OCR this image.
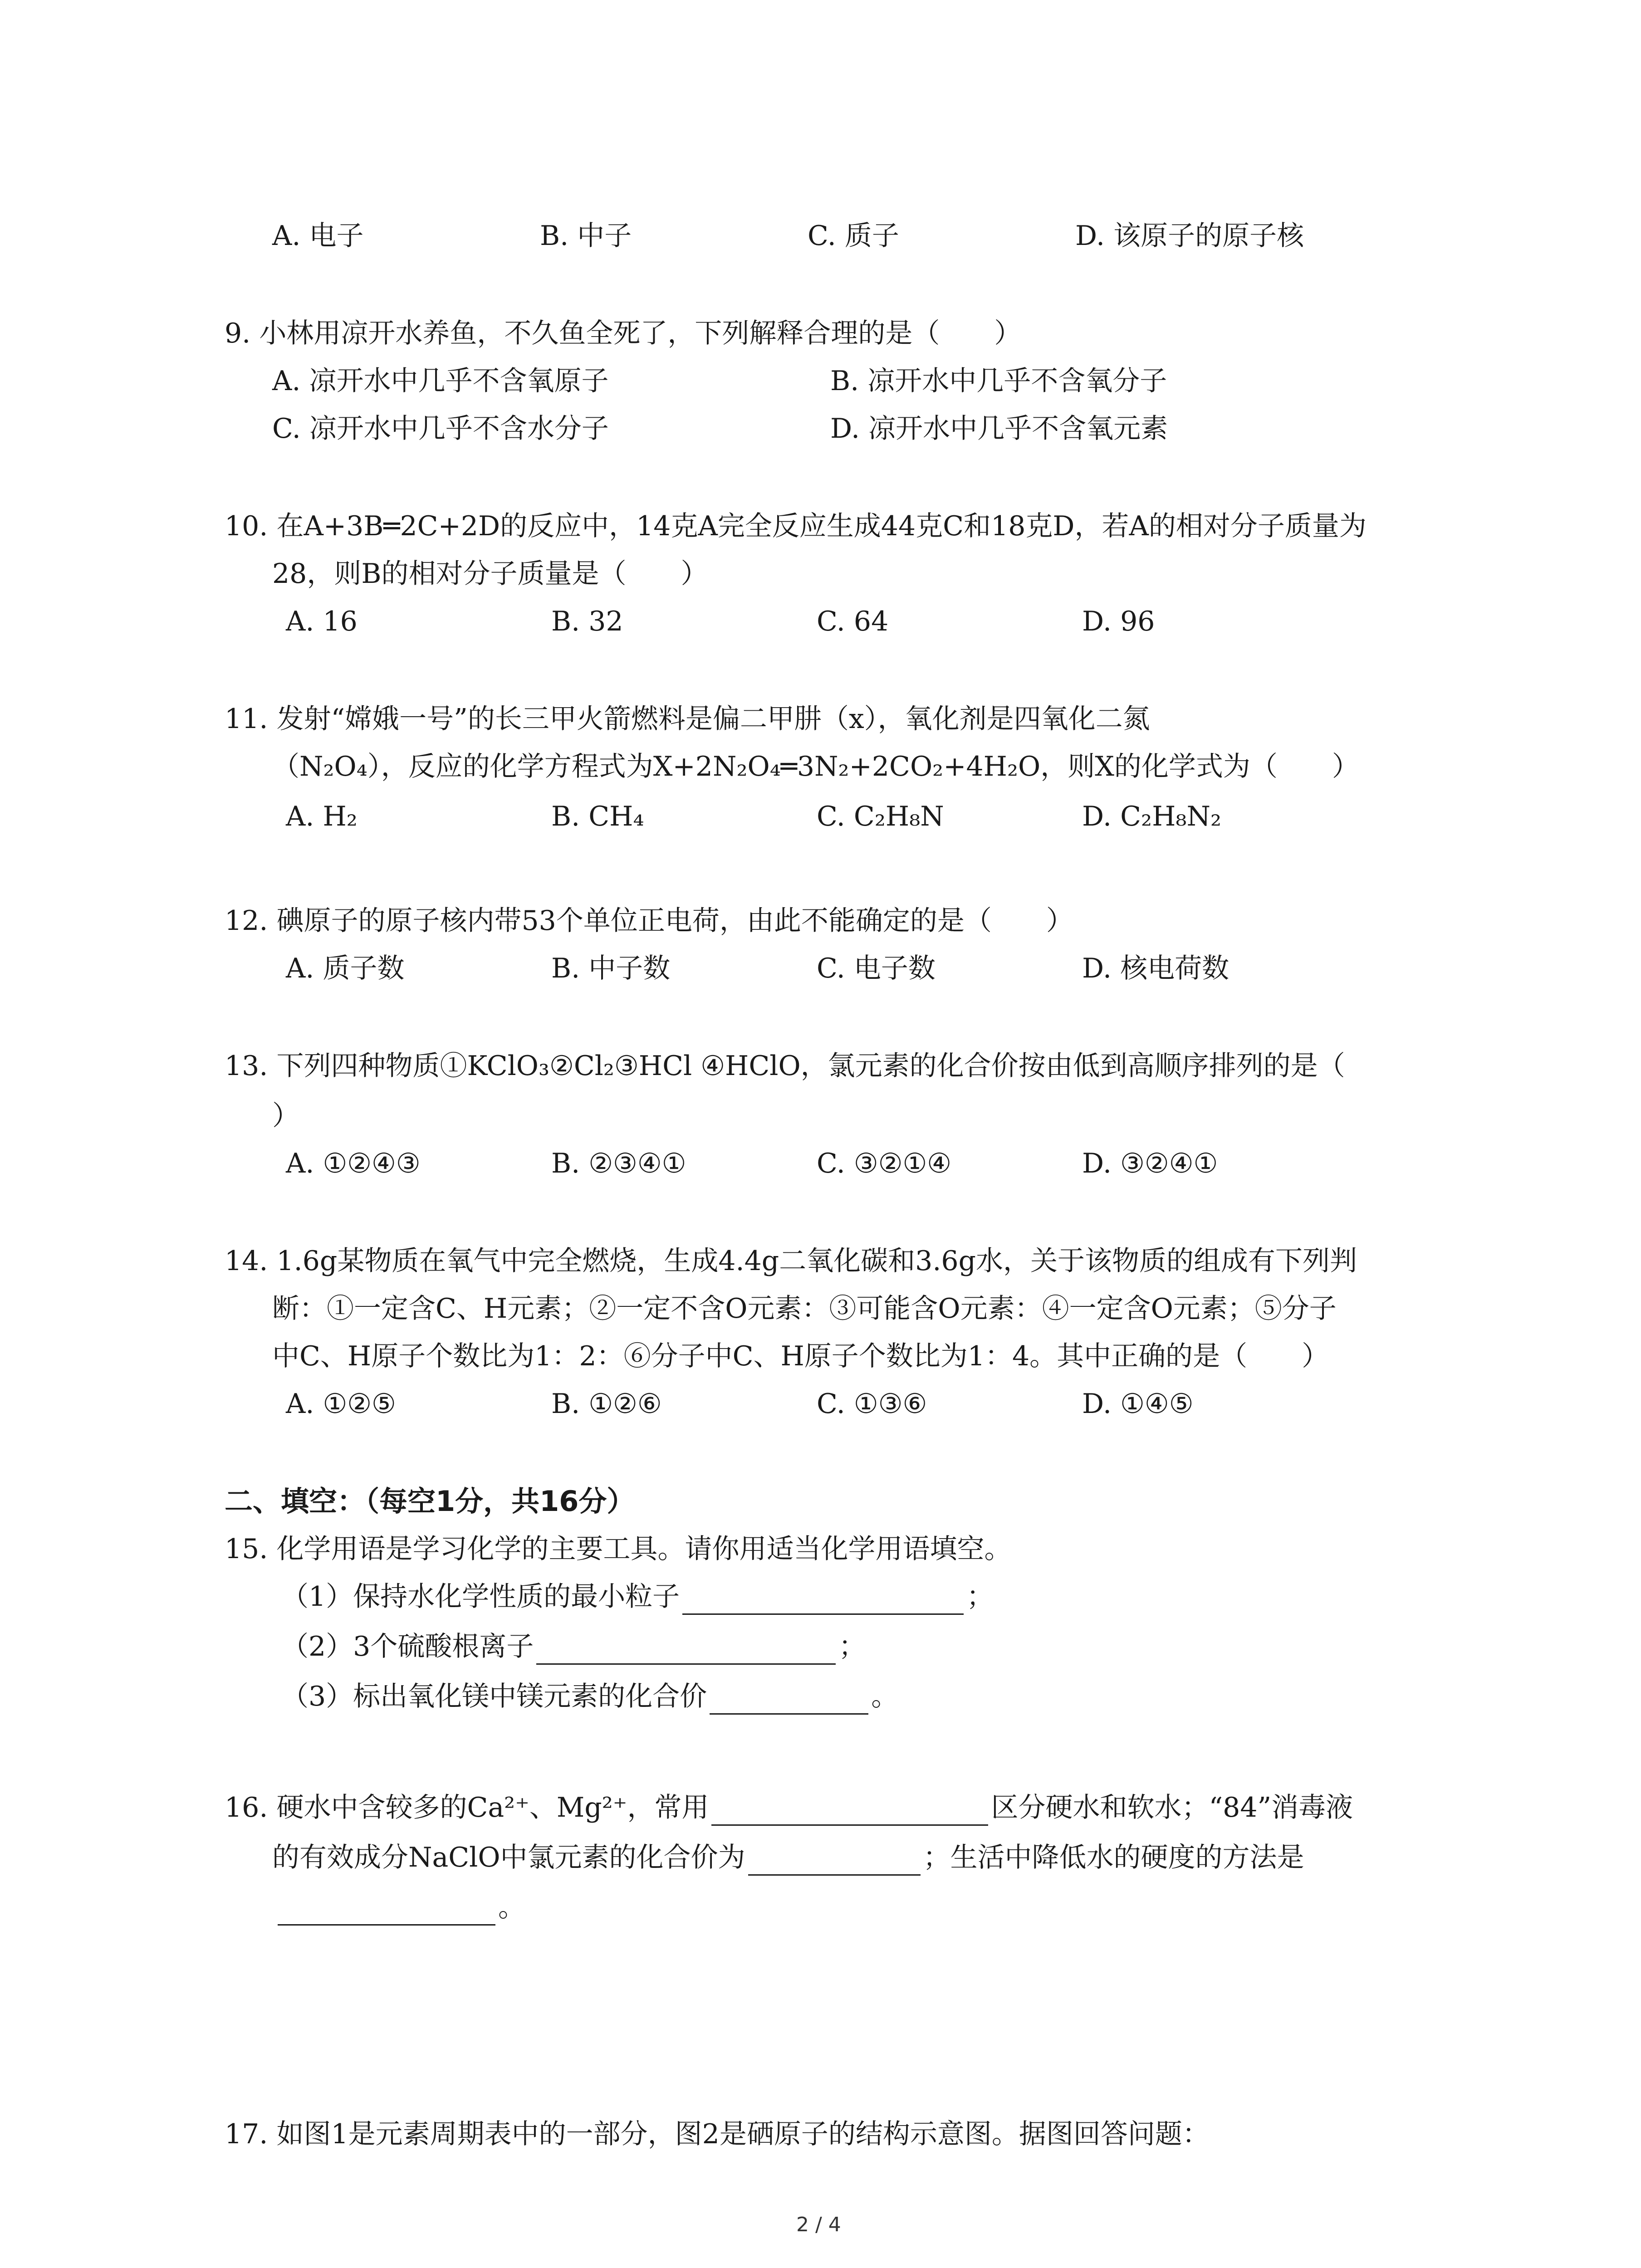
A. 电子	B. 中子	C. 质子	D. 该原子的原子核
9. 小林用凉开水养鱼，不久鱼全死了，下列解释合理的是（　　）
A. 凉开水中几乎不含氧原子	B. 凉开水中几乎不含氧分子
C. 凉开水中几乎不含水分子	D. 凉开水中几乎不含氧元素
10. 在A+3B═2C+2D的反应中，14克A完全反应生成44克C和18克D，若A的相对分子质量为
28，则B的相对分子质量是（　　）
A. 16	B. 32	C. 64	D. 96
11. 发射“嫦娥一号”的长三甲火箭燃料是偏二甲肼（x），氧化剂是四氧化二氮
（N₂O₄），反应的化学方程式为X+2N₂O₄═3N₂+2CO₂+4H₂O，则X的化学式为（　　）
A. H₂	B. CH₄	C. C₂H₈N	D. C₂H₈N₂
12. 碘原子的原子核内带53个单位正电荷，由此不能确定的是（　　）
A. 质子数	B. 中子数	C. 电子数	D. 核电荷数
13. 下列四种物质①KClO₃②Cl₂③HCl ④HClO，氯元素的化合价按由低到高顺序排列的是（
）
A. ①②④③	B. ②③④①	C. ③②①④	D. ③②④①
14. 1.6g某物质在氧气中完全燃烧，生成4.4g二氧化碳和3.6g水，关于该物质的组成有下列判
断：①一定含C、H元素；②一定不含O元素：③可能含O元素：④一定含O元素；⑤分子
中C、H原子个数比为1：2：⑥分子中C、H原子个数比为1：4。其中正确的是（　　）
A. ①②⑤	B. ①②⑥	C. ①③⑥	D. ①④⑤
二、填空：（每空1分，共16分）
15. 化学用语是学习化学的主要工具。请你用适当化学用语填空。
（1）保持水化学性质的最小粒子	；
（2）3个硫酸根离子	；
（3）标出氧化镁中镁元素的化合价	。
16. 硬水中含较多的Ca²⁺、Mg²⁺，常用	区分硬水和软水；“84”消毒液
的有效成分NaClO中氯元素的化合价为	；生活中降低水的硬度的方法是
。
17. 如图1是元素周期表中的一部分，图2是硒原子的结构示意图。据图回答问题：
2 / 4
